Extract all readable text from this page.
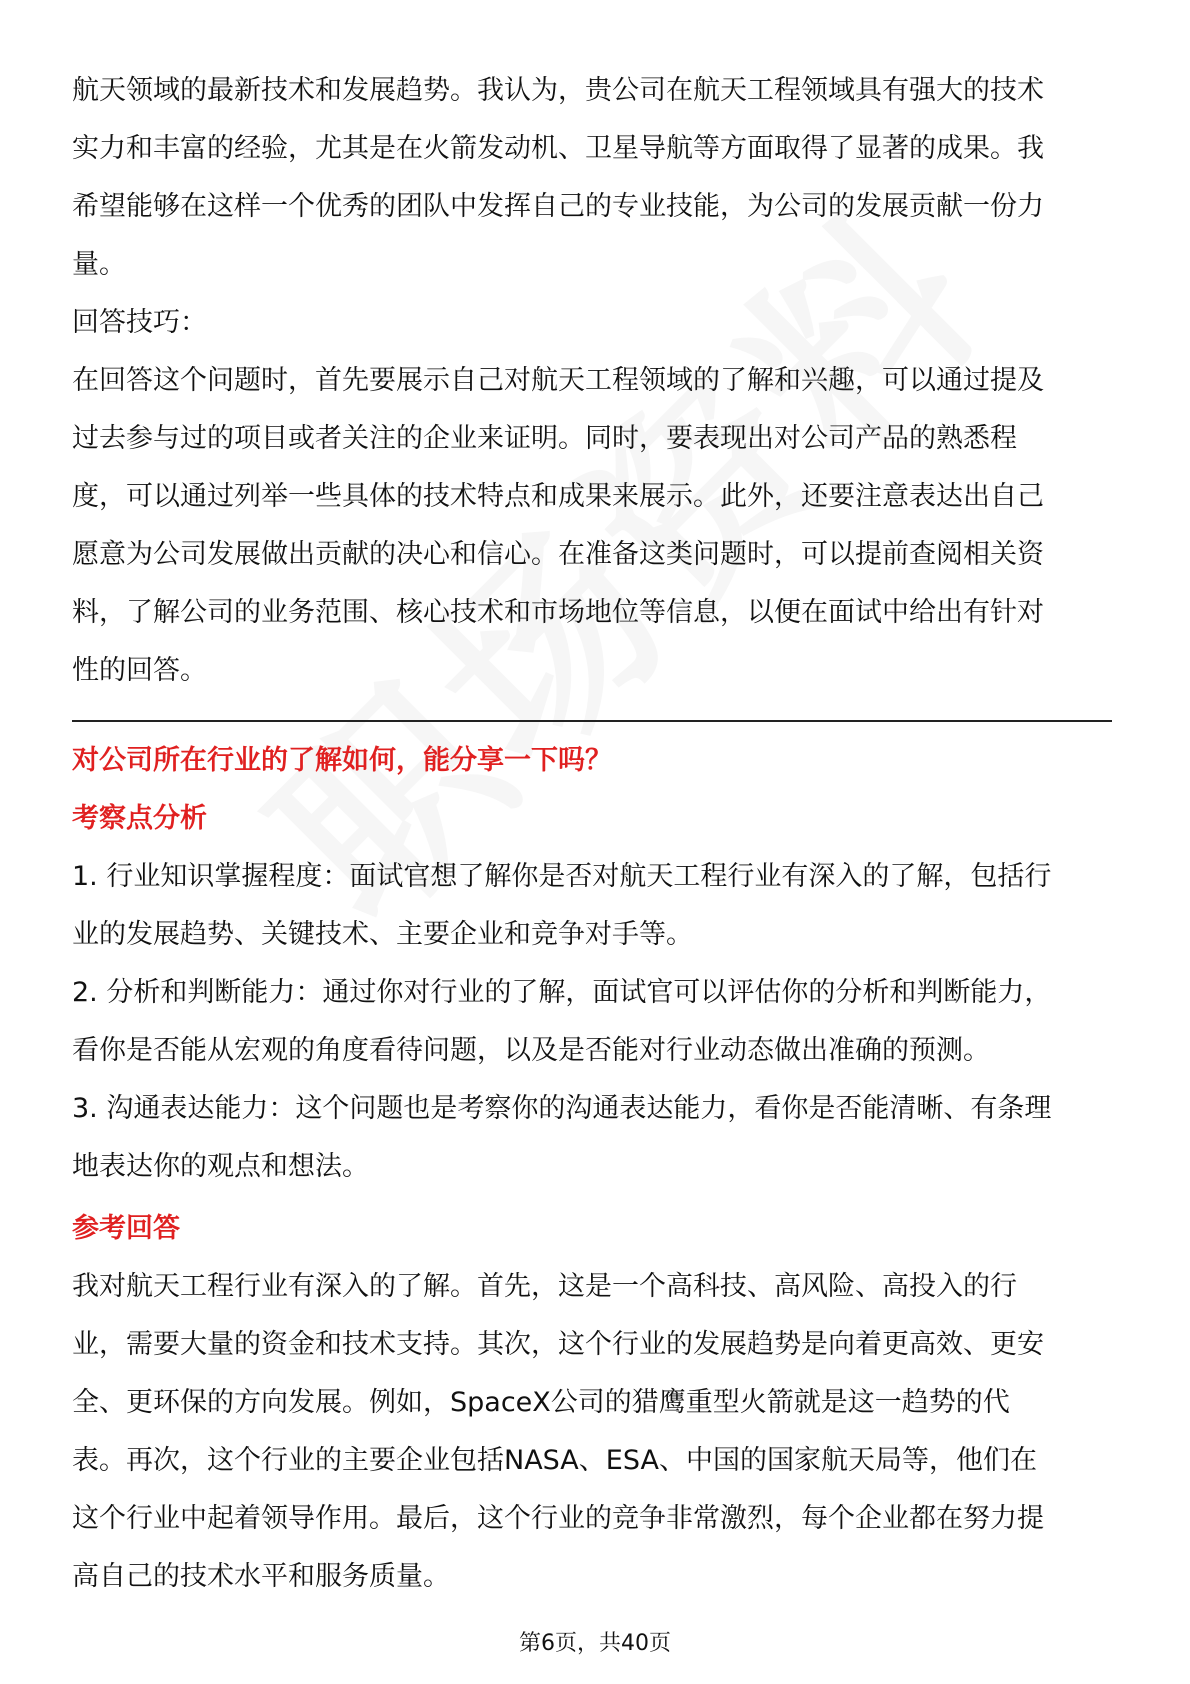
航天领域的最新技术和发展趋势。我认为，贵公司在航天工程领域具有强大的技术
实力和丰富的经验，尤其是在火箭发动机、卫星导航等方面取得了显著的成果。我
希望能够在这样一个优秀的团队中发挥自己的专业技能，为公司的发展贡献一份力
量。
回答技巧：
在回答这个问题时，首先要展示自己对航天工程领域的了解和兴趣，可以通过提及
过去参与过的项目或者关注的企业来证明。同时，要表现出对公司产品的熟悉程
度，可以通过列举一些具体的技术特点和成果来展示。此外，还要注意表达出自己
愿意为公司发展做出贡献的决心和信心。在准备这类问题时，可以提前查阅相关资
料，了解公司的业务范围、核心技术和市场地位等信息，以便在面试中给出有针对
性的回答。
对公司所在行业的了解如何，能分享一下吗？
考察点分析
1. 行业知识掌握程度：面试官想了解你是否对航天工程行业有深入的了解，包括行
业的发展趋势、关键技术、主要企业和竞争对手等。
2. 分析和判断能力：通过你对行业的了解，面试官可以评估你的分析和判断能力，
看你是否能从宏观的角度看待问题，以及是否能对行业动态做出准确的预测。
3. 沟通表达能力：这个问题也是考察你的沟通表达能力，看你是否能清晰、有条理
地表达你的观点和想法。
参考回答
我对航天工程行业有深入的了解。首先，这是一个高科技、高风险、高投入的行
业，需要大量的资金和技术支持。其次，这个行业的发展趋势是向着更高效、更安
全、更环保的方向发展。例如，SpaceX公司的猎鹰重型火箭就是这一趋势的代
表。再次，这个行业的主要企业包括NASA、ESA、中国的国家航天局等，他们在
这个行业中起着领导作用。最后，这个行业的竞争非常激烈，每个企业都在努力提
高自己的技术水平和服务质量。
第6页，共40页
